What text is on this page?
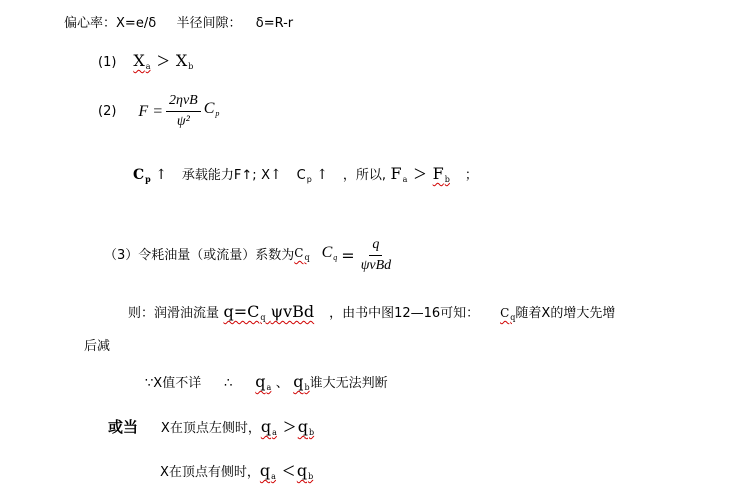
偏心率：X=e/δ 半径间隙： δ=R-r
(1) $X_a > X_b$
(2) $F = \frac{\text{2ηvB}}{\text{ψ²}} C_p$
$C_p$ ↑ 承载能力F↑; X↑ $C_p$ ↑ ，所以, $F_a > F_b$ ；
（3） 令耗油量（或流量）系数为 $C_q$ $C_q = \frac{q}{\text{ψvBd}}$
则：润滑油流量 $q=C_q$ ψvBd ，由书中图12—16可知： $C_q$随着X的增大先增
后减
∵X值不详 ∴ $q_a$ 、 $q_b$谁大无法判断
或当 X在顶点左侧时，$q_a > q_b$
X在顶点有侧时，$q_a < q_b$
